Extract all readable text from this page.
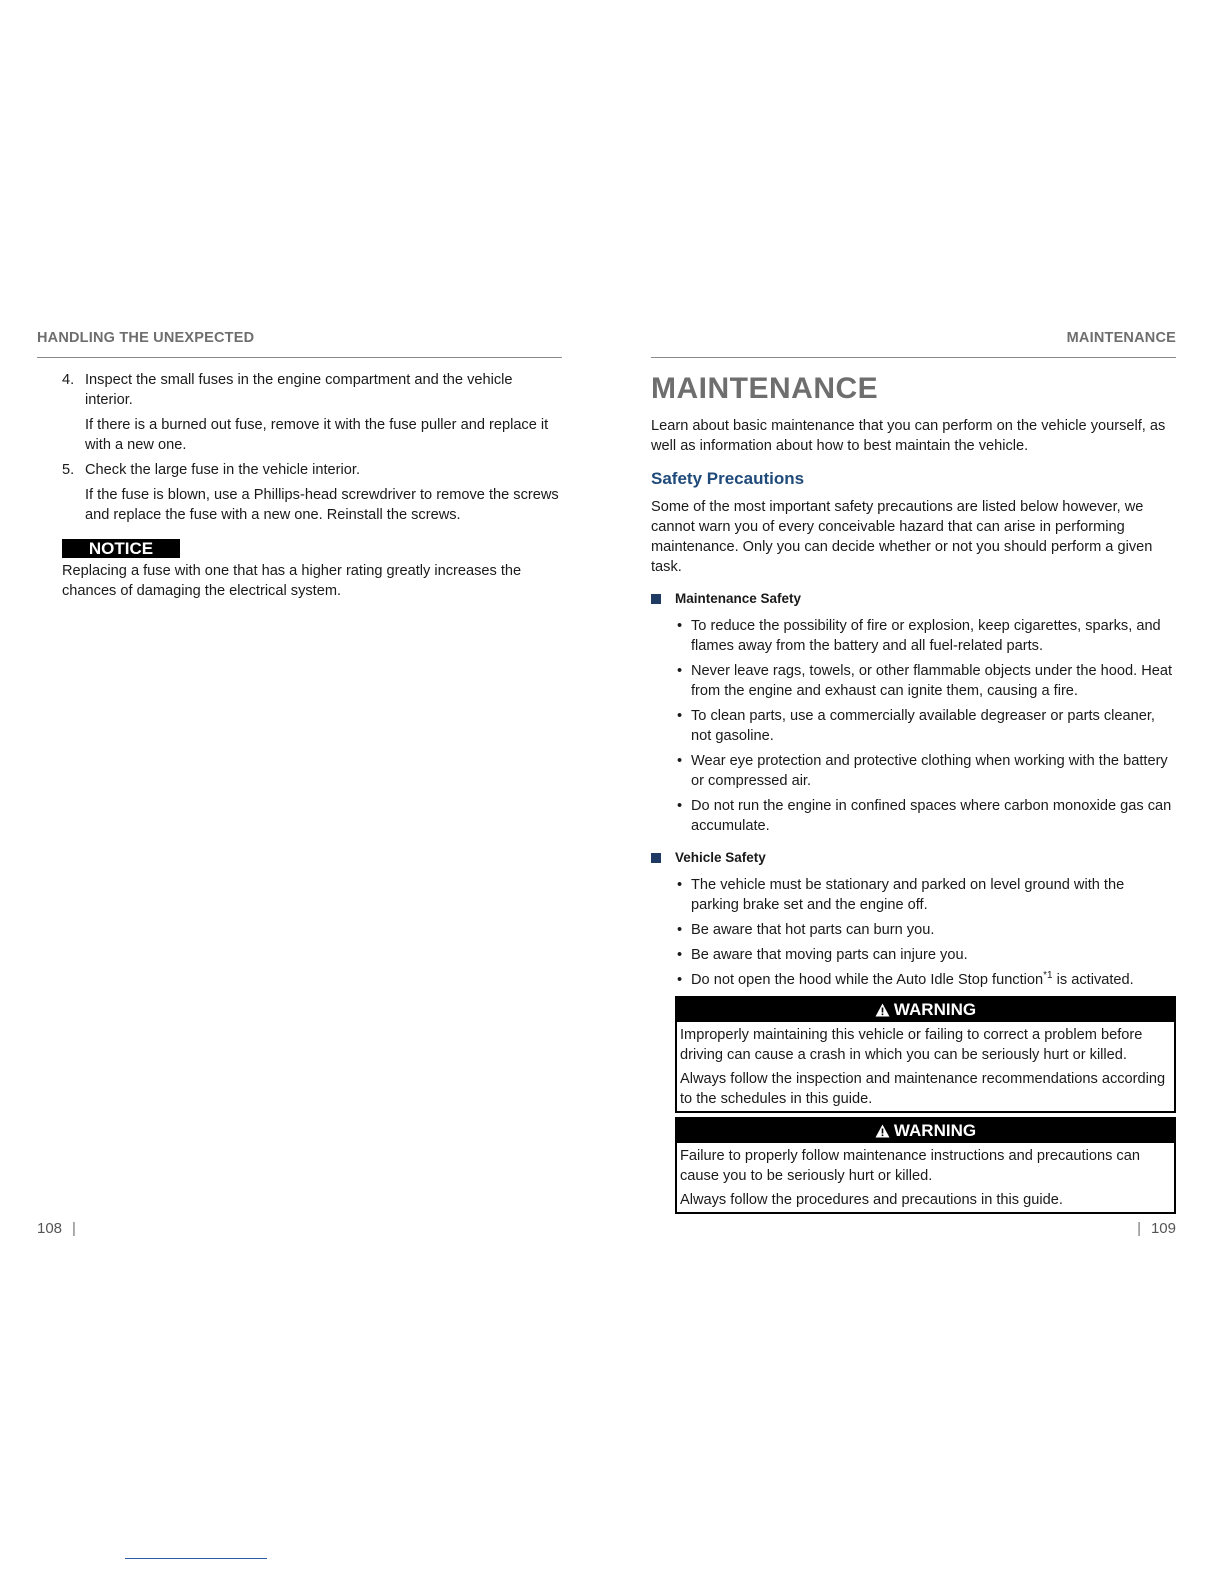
HANDLING THE UNEXPECTED
4. Inspect the small fuses in the engine compartment and the vehicle interior.
If there is a burned out fuse, remove it with the fuse puller and replace it with a new one.
5. Check the large fuse in the vehicle interior.
If the fuse is blown, use a Phillips-head screwdriver to remove the screws and replace the fuse with a new one. Reinstall the screws.
NOTICE
Replacing a fuse with one that has a higher rating greatly increases the chances of damaging the electrical system.
MAINTENANCE
MAINTENANCE
Learn about basic maintenance that you can perform on the vehicle yourself, as well as information about how to best maintain the vehicle.
Safety Precautions
Some of the most important safety precautions are listed below however, we cannot warn you of every conceivable hazard that can arise in performing maintenance. Only you can decide whether or not you should perform a given task.
Maintenance Safety
• To reduce the possibility of fire or explosion, keep cigarettes, sparks, and flames away from the battery and all fuel-related parts.
• Never leave rags, towels, or other flammable objects under the hood. Heat from the engine and exhaust can ignite them, causing a fire.
• To clean parts, use a commercially available degreaser or parts cleaner, not gasoline.
• Wear eye protection and protective clothing when working with the battery or compressed air.
• Do not run the engine in confined spaces where carbon monoxide gas can accumulate.
Vehicle Safety
• The vehicle must be stationary and parked on level ground with the parking brake set and the engine off.
• Be aware that hot parts can burn you.
• Be aware that moving parts can injure you.
• Do not open the hood while the Auto Idle Stop function$^{*1}$ is activated.
WARNING

Improperly maintaining this vehicle or failing to correct a problem before driving can cause a crash in which you can be seriously hurt or killed.

Always follow the inspection and maintenance recommendations according to the schedules in this guide.

WARNING

Failure to properly follow maintenance instructions and precautions can cause you to be seriously hurt or killed.

Always follow the procedures and precautions in this guide.

108 |	| 109
